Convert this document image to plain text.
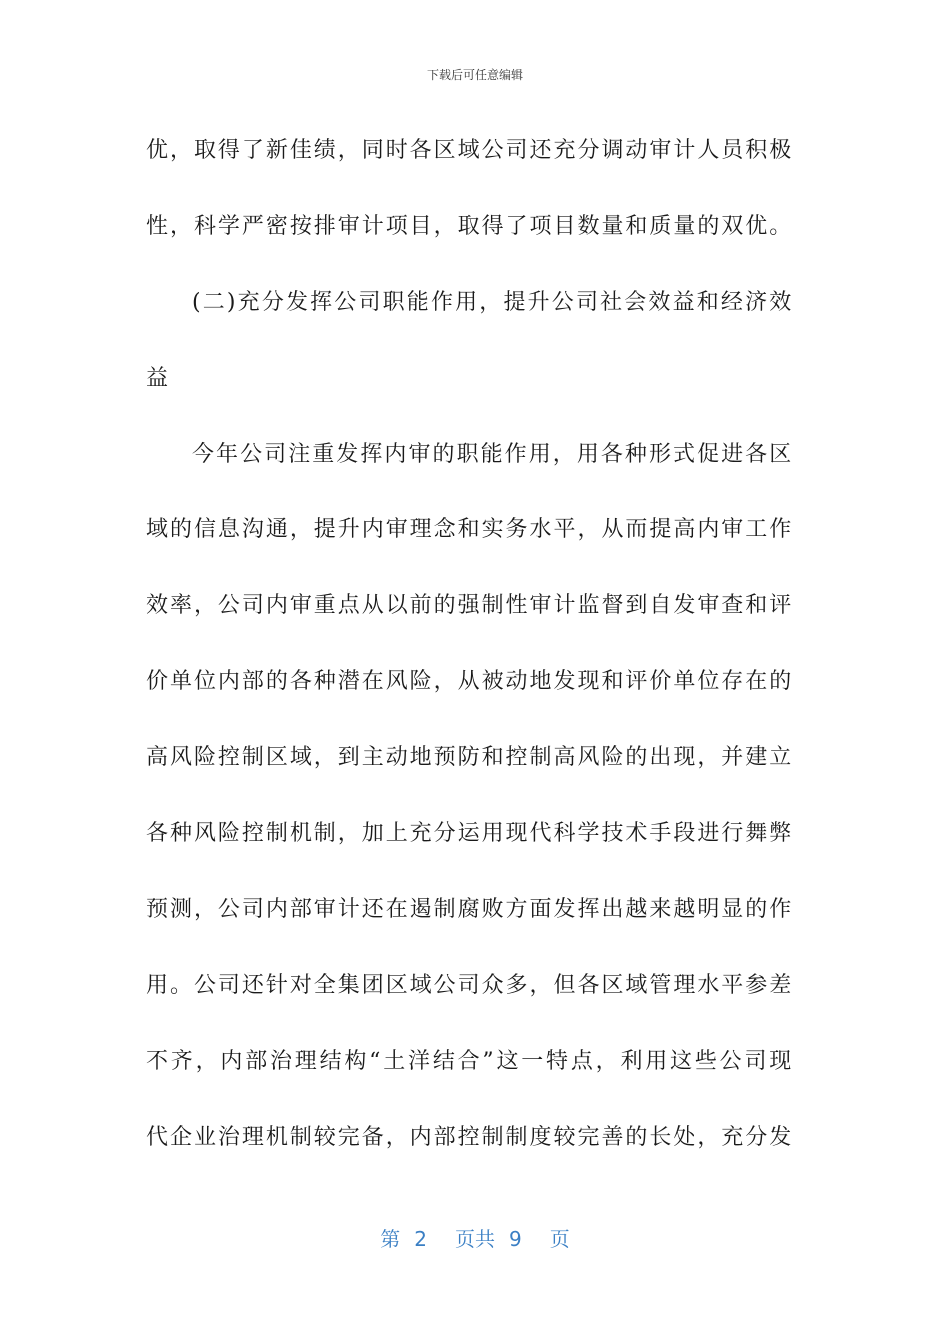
下载后可任意编辑
优，取得了新佳绩，同时各区域公司还充分调动审计人员积极
性，科学严密按排审计项目，取得了项目数量和质量的双优。
(二)充分发挥公司职能作用，提升公司社会效益和经济效
益
今年公司注重发挥内审的职能作用，用各种形式促进各区
域的信息沟通，提升内审理念和实务水平，从而提高内审工作
效率，公司内审重点从以前的强制性审计监督到自发审查和评
价单位内部的各种潜在风险，从被动地发现和评价单位存在的
高风险控制区域，到主动地预防和控制高风险的出现，并建立
各种风险控制机制，加上充分运用现代科学技术手段进行舞弊
预测，公司内部审计还在遏制腐败方面发挥出越来越明显的作
用。公司还针对全集团区域公司众多，但各区域管理水平参差
不齐，内部治理结构“土洋结合”这一特点，利用这些公司现
代企业治理机制较完备，内部控制制度较完善的长处，充分发
第 2 页共 9 页
